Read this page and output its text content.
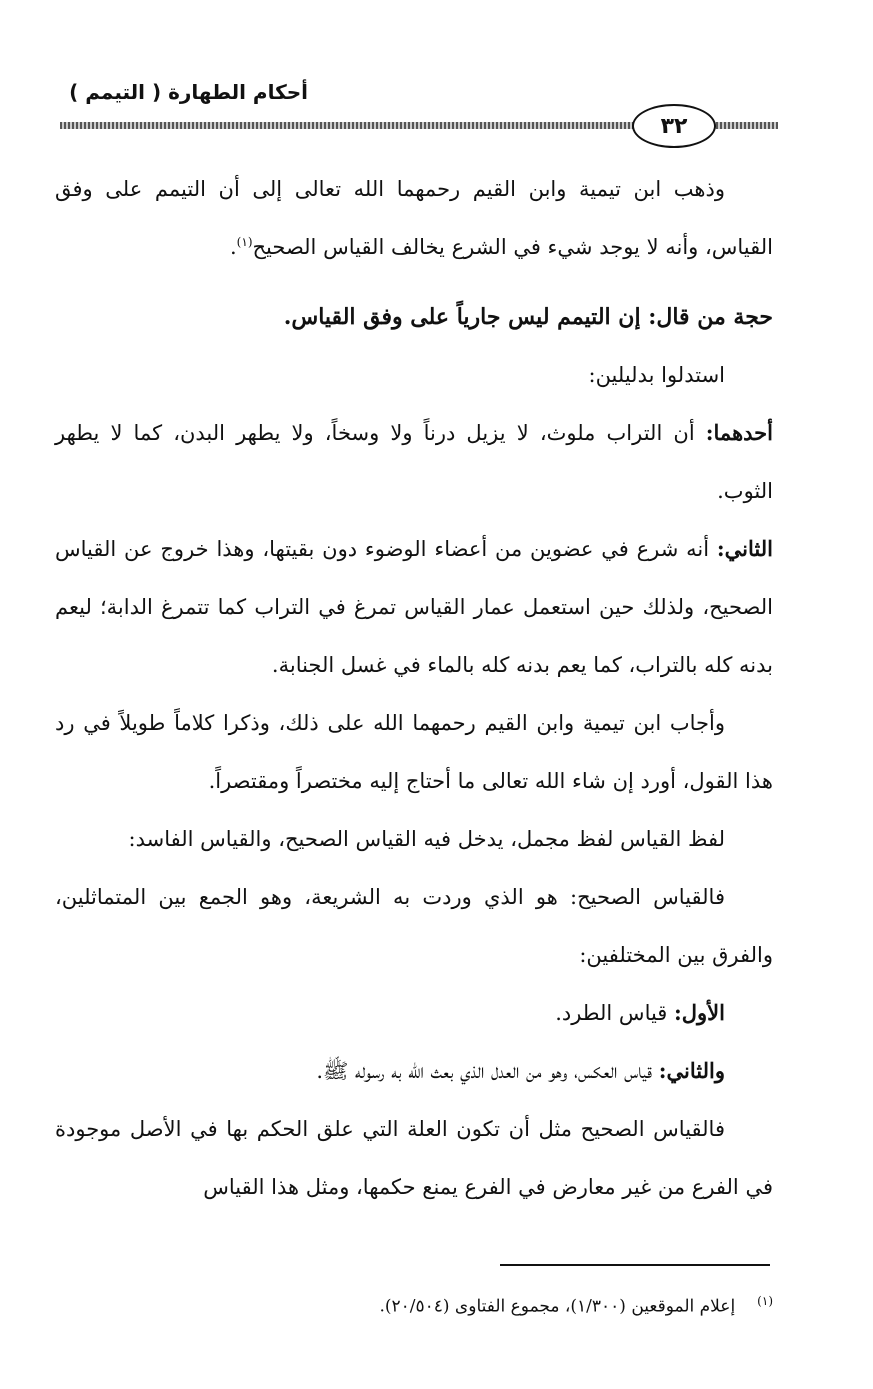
أحكام الطهارة ( التيمم )
٣٢

وذهب ابن تيمية وابن القيم رحمهما الله تعالى إلى أن التيمم على وفق القياس، وأنه لا يوجد شيء في الشرع يخالف القياس الصحيح$^{(١)}$.

حجة من قال: إن التيمم ليس جارياً على وفق القياس.

استدلوا بدليلين:

أحدهما: أن التراب ملوث، لا يزيل درناً ولا وسخاً، ولا يطهر البدن، كما لا يطهر الثوب.

الثاني: أنه شرع في عضوين من أعضاء الوضوء دون بقيتها، وهذا خروج عن القياس الصحيح، ولذلك حين استعمل عمار القياس تمرغ في التراب كما تتمرغ الدابة؛ ليعم بدنه كله بالتراب، كما يعم بدنه كله بالماء في غسل الجنابة.

وأجاب ابن تيمية وابن القيم رحمهما الله على ذلك، وذكرا كلاماً طويلاً في رد هذا القول، أورد إن شاء الله تعالى ما أحتاج إليه مختصراً ومقتصراً.

لفظ القياس لفظ مجمل، يدخل فيه القياس الصحيح، والقياس الفاسد:

فالقياس الصحيح: هو الذي وردت به الشريعة، وهو الجمع بين المتماثلين، والفرق بين المختلفين:

الأول: قياس الطرد.

والثاني: قياس العكس، وهو من العدل الذي بعث الله به رسوله ﷺ.

فالقياس الصحيح مثل أن تكون العلة التي علق الحكم بها في الأصل موجودة في الفرع من غير معارض في الفرع يمنع حكمها، ومثل هذا القياس

$^{(١)}$إعلام الموقعين (١/٣٠٠)، مجموع الفتاوى (٢٠/٥٠٤).
